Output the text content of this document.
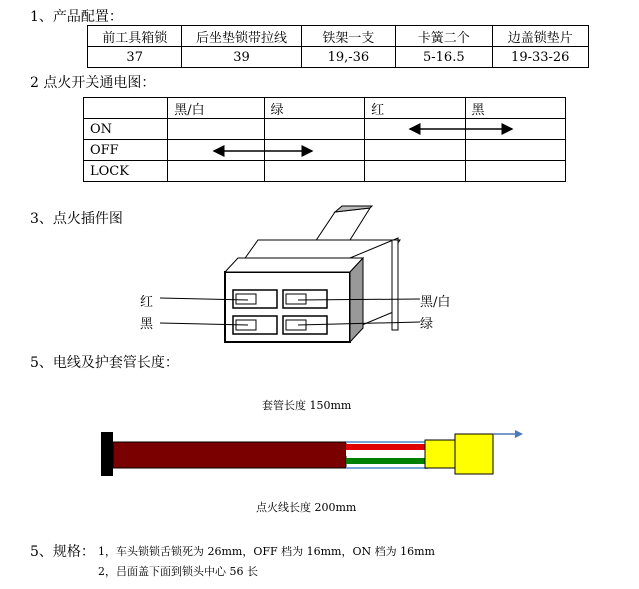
1、产品配置：
前工具箱锁	后坐垫锁带拉线	铁架一支	卡簧二个	边盖锁垫片
37	39	19,-36	5-16.5	19-33-26
2 点火开关通电图：
	黑/白	绿	红	黑
ON				
OFF				
LOCK				
3、点火插件图
红
黑
黑/白
绿
5、电线及护套管长度：
套管长度 150mm
点火线长度 200mm
5、规格： 1，车头锁锁舌锁死为 26mm，OFF 档为 16mm，ON 档为 16mm
2，吕面盖下面到锁头中心 56 长
